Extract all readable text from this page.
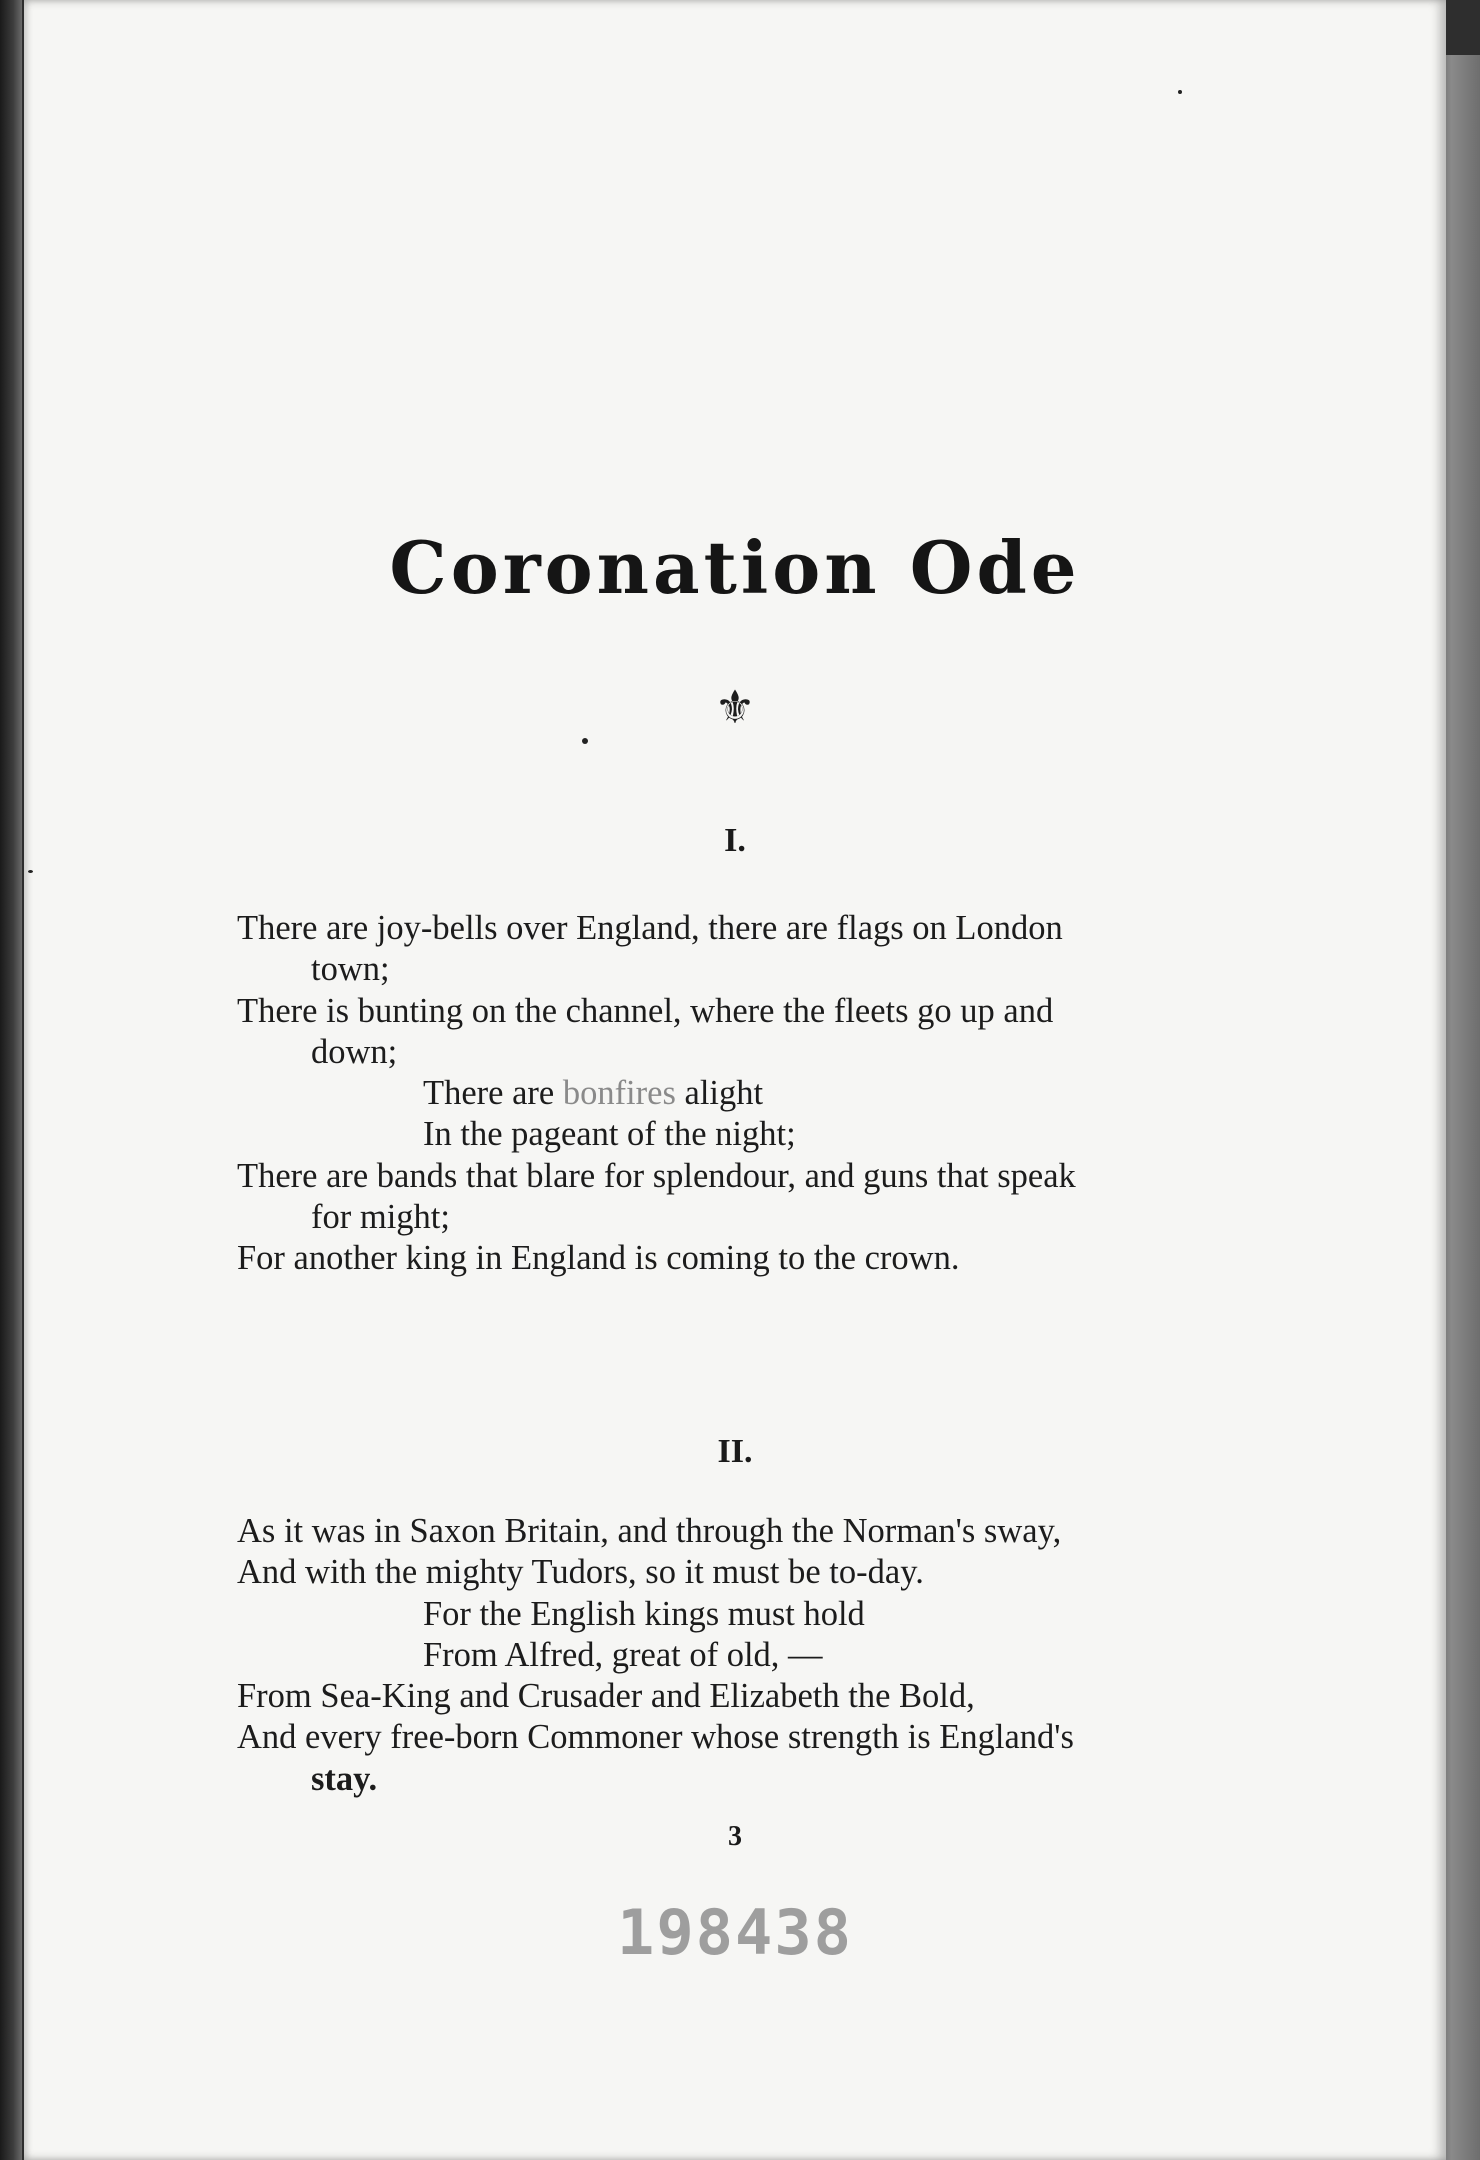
Coronation Ode
⚜
I.
There are joy-bells over England, there are flags on London
town;
There is bunting on the channel, where the fleets go up and
down;
There are bonfires alight
In the pageant of the night;
There are bands that blare for splendour, and guns that speak
for might;
For another king in England is coming to the crown.
II.
As it was in Saxon Britain, and through the Norman's sway,
And with the mighty Tudors, so it must be to-day.
For the English kings must hold
From Alfred, great of old, —
From Sea-King and Crusader and Elizabeth the Bold,
And every free-born Commoner whose strength is England's
stay.
3
198438
